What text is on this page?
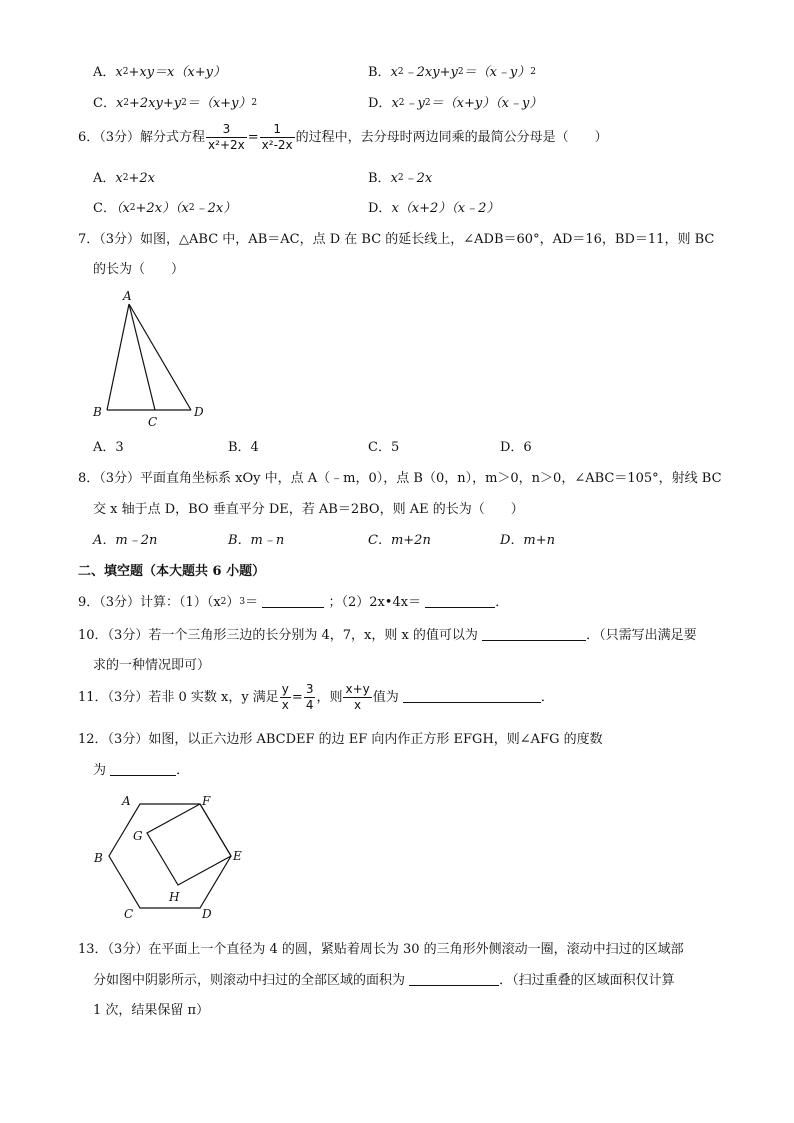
A．$x^2+xy=x(x+y)$	B．$x^2﹣2xy+y^2=(x﹣y)^2$
C．$x^2+2xy+y^2=(x+y)^2$	D．$x^2﹣y^2=(x+y)(x﹣y)$
6．（3分）解分式方程 $\frac{3}{\text{x²+2x}} = \frac{1}{\text{x²-2x}}$ 的过程中，去分母时两边同乘的最简公分母是（　　）
A．$x^2+2x$	B．$x^2﹣2x$
C．$(x^2+2x)(x^2﹣2x)$	D．x（x+2）（x﹣2）
7．（3分）如图，△ABC 中，AB＝AC，点 D 在 BC 的延长线上，∠ADB＝60°，AD＝16，BD＝11，则 BC
的长为（　　）
A
B
C
D
A．3	B．4	C．5	D．6
8．（3分）平面直角坐标系 xOy 中，点 A（﹣m，0），点 B（0，n），m＞0，n＞0，∠ABC＝105°，射线 BC
交 x 轴于点 D，BO 垂直平分 DE，若 AB＝2BO，则 AE 的长为（　　）
A．m﹣2n	B．m﹣n	C．m+2n	D．m+n
二、填空题（本大题共 6 小题）
9．（3分）计算：$(1)(x^2)^3=$	；（2）2x•4x＝	．
10．（3分）若一个三角形三边的长分别为 4，7，x，则 x 的值可以为	．（只需写出满足要
求的一种情况即可）
11．（3分）若非 0 实数 x，y 满足 $\frac{y}{x} = \frac{3}{4}$ ，则 $\frac{x+y}{x}$ 值为	．
12．（3分）如图，以正六边形 ABCDEF 的边 EF 向内作正方形 EFGH，则∠AFG 的度数
为	．
A	F
G
B	E
H
C	D
13．（3分）在平面上一个直径为 4 的圆，紧贴着周长为 30 的三角形外侧滚动一圈，滚动中扫过的区域部
分如图中阴影所示，则滚动中扫过的全部区域的面积为	．（扫过重叠的区域面积仅计算
1 次，结果保留 π）
